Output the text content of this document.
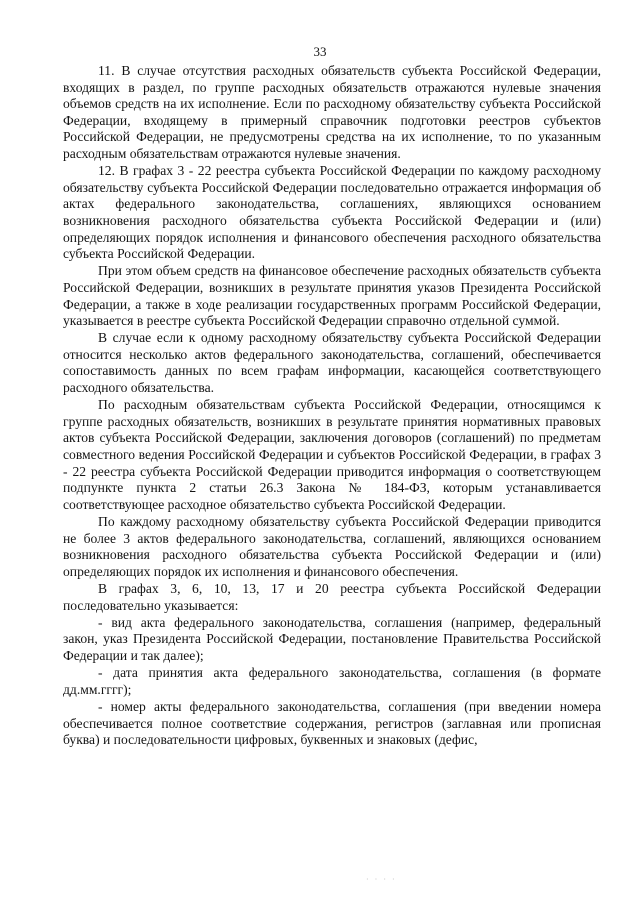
33

11. В случае отсутствия расходных обязательств субъекта Российской Федерации, входящих в раздел, по группе расходных обязательств отражаются нулевые значения объемов средств на их исполнение. Если по расходному обязательству субъекта Российской Федерации, входящему в примерный справочник подготовки реестров субъектов Российской Федерации, не предусмотрены средства на их исполнение, то по указанным расходным обязательствам отражаются нулевые значения.

12. В графах 3 - 22 реестра субъекта Российской Федерации по каждому расходному обязательству субъекта Российской Федерации последовательно отражается информация об актах федерального законодательства, соглашениях, являющихся основанием возникновения расходного обязательства субъекта Российской Федерации и (или) определяющих порядок исполнения и финансового обеспечения расходного обязательства субъекта Российской Федерации.

При этом объем средств на финансовое обеспечение расходных обязательств субъекта Российской Федерации, возникших в результате принятия указов Президента Российской Федерации, а также в ходе реализации государственных программ Российской Федерации, указывается в реестре субъекта Российской Федерации справочно отдельной суммой.

В случае если к одному расходному обязательству субъекта Российской Федерации относится несколько актов федерального законодательства, соглашений, обеспечивается сопоставимость данных по всем графам информации, касающейся соответствующего расходного обязательства.

По расходным обязательствам субъекта Российской Федерации, относящимся к группе расходных обязательств, возникших в результате принятия нормативных правовых актов субъекта Российской Федерации, заключения договоров (соглашений) по предметам совместного ведения Российской Федерации и субъектов Российской Федерации, в графах 3 - 22 реестра субъекта Российской Федерации приводится информация о соответствующем подпункте пункта 2 статьи 26.3 Закона № 184-ФЗ, которым устанавливается соответствующее расходное обязательство субъекта Российской Федерации.

По каждому расходному обязательству субъекта Российской Федерации приводится не более 3 актов федерального законодательства, соглашений, являющихся основанием возникновения расходного обязательства субъекта Российской Федерации и (или) определяющих порядок их исполнения и финансового обеспечения.

В графах 3, 6, 10, 13, 17 и 20 реестра субъекта Российской Федерации последовательно указывается:

- вид акта федерального законодательства, соглашения (например, федеральный закон, указ Президента Российской Федерации, постановление Правительства Российской Федерации и так далее);

- дата принятия акта федерального законодательства, соглашения (в формате дд.мм.гггг);

- номер акты федерального законодательства, соглашения (при введении номера обеспечивается полное соответствие содержания, регистров (заглавная или прописная буква) и последовательности цифровых, буквенных и знаковых (дефис,

· · · ·
